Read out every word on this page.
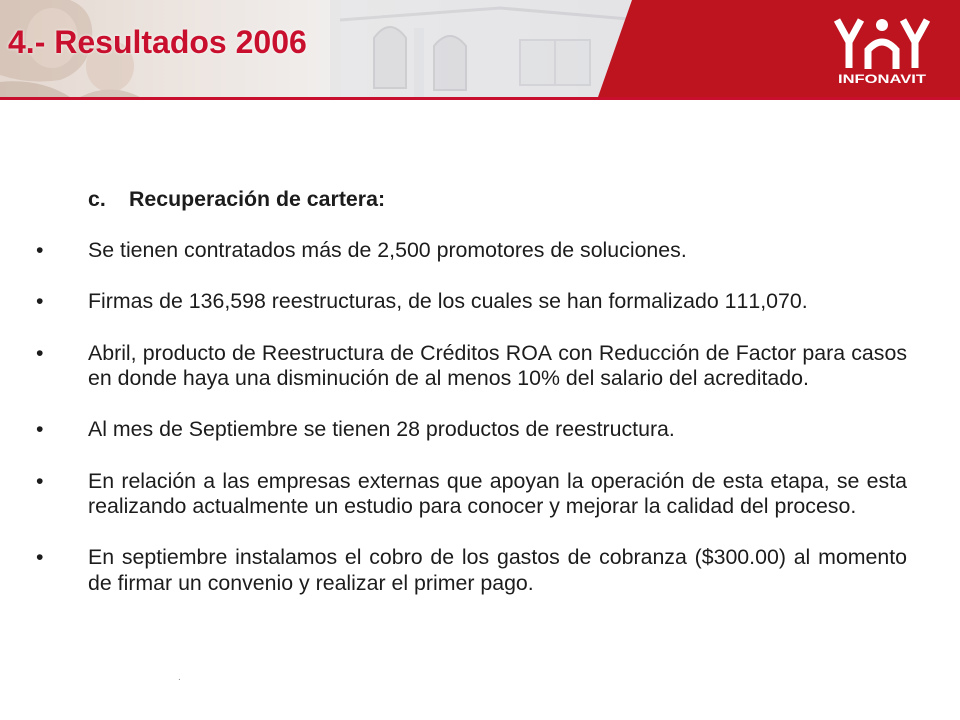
4.- Resultados 2006
INFONAVIT
c.	Recuperación de cartera:
• Se tienen contratados más de 2,500 promotores de soluciones.
• Firmas de 136,598 reestructuras, de los cuales se han formalizado 111,070.
• Abril, producto de Reestructura de Créditos ROA con Reducción de Factor para casos en donde haya una disminución de al menos 10% del salario del acreditado.
• Al mes de Septiembre se tienen 28 productos de reestructura.
• En relación a las empresas externas que apoyan la operación de esta etapa, se esta realizando actualmente un estudio para conocer y mejorar la calidad del proceso.
• En septiembre instalamos el cobro de los gastos de cobranza ($300.00) al momento de firmar un convenio y realizar el primer pago.
.
